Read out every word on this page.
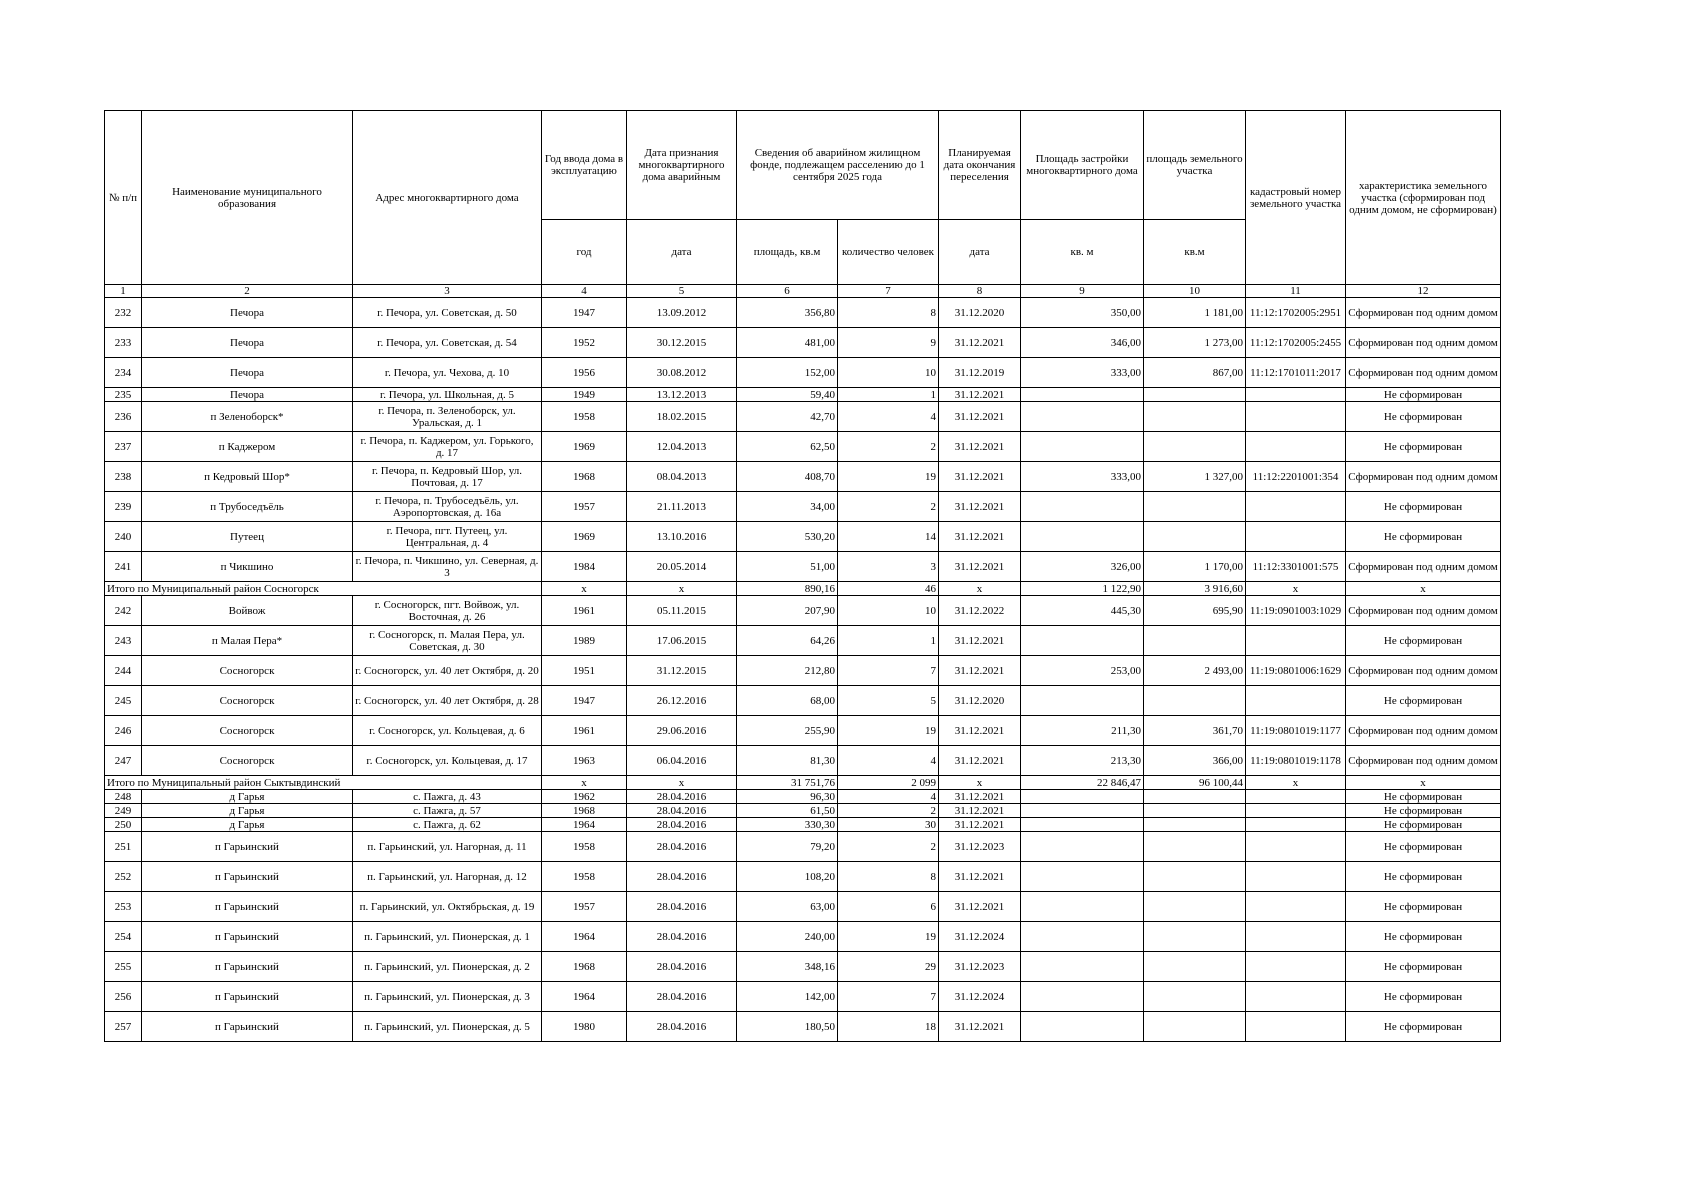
№ п/п	Наименование муниципального образования	Адрес многоквартирного дома	Год ввода дома в эксплуатацию	Дата признания многоквартирного дома аварийным	Сведения об аварийном жилищном фонде, подлежащем расселению до 1 сентября 2025 года		Планируемая дата окончания переселения	Площадь застройки многоквартирного дома	площадь земельного участка	кадастровый номер земельного участка	характеристика земельного участка (сформирован под одним домом, не сформирован)
			год	дата	площадь, кв.м	количество человек	дата	кв. м	кв.м		
1	2	3	4	5	6	7	8	9	10	11	12
232	Печора	г. Печора, ул. Советская, д. 50	1947	13.09.2012	356,80	8	31.12.2020	350,00	1 181,00	11:12:1702005:2951	Сформирован под одним домом
233	Печора	г. Печора, ул. Советская, д. 54	1952	30.12.2015	481,00	9	31.12.2021	346,00	1 273,00	11:12:1702005:2455	Сформирован под одним домом
234	Печора	г. Печора, ул. Чехова, д. 10	1956	30.08.2012	152,00	10	31.12.2019	333,00	867,00	11:12:1701011:2017	Сформирован под одним домом
235	Печора	г. Печора, ул. Школьная, д. 5	1949	13.12.2013	59,40	1	31.12.2021				Не сформирован
236	п Зеленоборск*	г. Печора, п. Зеленоборск, ул. Уральская, д. 1	1958	18.02.2015	42,70	4	31.12.2021				Не сформирован
237	п Каджером	г. Печора, п. Каджером, ул. Горького, д. 17	1969	12.04.2013	62,50	2	31.12.2021				Не сформирован
238	п Кедровый Шор*	г. Печора, п. Кедровый Шор, ул. Почтовая, д. 17	1968	08.04.2013	408,70	19	31.12.2021	333,00	1 327,00	11:12:2201001:354	Сформирован под одним домом
239	п Трубоседъёль	г. Печора, п. Трубоседъёль, ул. Аэропортовская, д. 16а	1957	21.11.2013	34,00	2	31.12.2021				Не сформирован
240	Путеец	г. Печора, пгт. Путеец, ул. Центральная, д. 4	1969	13.10.2016	530,20	14	31.12.2021				Не сформирован
241	п Чикшино	г. Печора, п. Чикшино, ул. Северная, д. 3	1984	20.05.2014	51,00	3	31.12.2021	326,00	1 170,00	11:12:3301001:575	Сформирован под одним домом
Итого по Муниципальный район Сосногорск			x	x	890,16	46	x	1 122,90	3 916,60	x	x
242	Войвож	г. Сосногорск, пгт. Войвож, ул. Восточная, д. 26	1961	05.11.2015	207,90	10	31.12.2022	445,30	695,90	11:19:0901003:1029	Сформирован под одним домом
243	п Малая Пера*	г. Сосногорск, п. Малая Пера, ул. Советская, д. 30	1989	17.06.2015	64,26	1	31.12.2021				Не сформирован
244	Сосногорск	г. Сосногорск, ул. 40 лет Октября, д. 20	1951	31.12.2015	212,80	7	31.12.2021	253,00	2 493,00	11:19:0801006:1629	Сформирован под одним домом
245	Сосногорск	г. Сосногорск, ул. 40 лет Октября, д. 28	1947	26.12.2016	68,00	5	31.12.2020				Не сформирован
246	Сосногорск	г. Сосногорск, ул. Кольцевая, д. 6	1961	29.06.2016	255,90	19	31.12.2021	211,30	361,70	11:19:0801019:1177	Сформирован под одним домом
247	Сосногорск	г. Сосногорск, ул. Кольцевая, д. 17	1963	06.04.2016	81,30	4	31.12.2021	213,30	366,00	11:19:0801019:1178	Сформирован под одним домом
Итого по Муниципальный район Сыктывдинский			x	x	31 751,76	2 099	x	22 846,47	96 100,44	x	x
248	д Гарья	с. Пажга, д. 43	1962	28.04.2016	96,30	4	31.12.2021				Не сформирован
249	д Гарья	с. Пажга, д. 57	1968	28.04.2016	61,50	2	31.12.2021				Не сформирован
250	д Гарья	с. Пажга, д. 62	1964	28.04.2016	330,30	30	31.12.2021				Не сформирован
251	п Гарьинский	п. Гарьинский, ул. Нагорная, д. 11	1958	28.04.2016	79,20	2	31.12.2023				Не сформирован
252	п Гарьинский	п. Гарьинский, ул. Нагорная, д. 12	1958	28.04.2016	108,20	8	31.12.2021				Не сформирован
253	п Гарьинский	п. Гарьинский, ул. Октябрьская, д. 19	1957	28.04.2016	63,00	6	31.12.2021				Не сформирован
254	п Гарьинский	п. Гарьинский, ул. Пионерская, д. 1	1964	28.04.2016	240,00	19	31.12.2024				Не сформирован
255	п Гарьинский	п. Гарьинский, ул. Пионерская, д. 2	1968	28.04.2016	348,16	29	31.12.2023				Не сформирован
256	п Гарьинский	п. Гарьинский, ул. Пионерская, д. 3	1964	28.04.2016	142,00	7	31.12.2024				Не сформирован
257	п Гарьинский	п. Гарьинский, ул. Пионерская, д. 5	1980	28.04.2016	180,50	18	31.12.2021				Не сформирован
